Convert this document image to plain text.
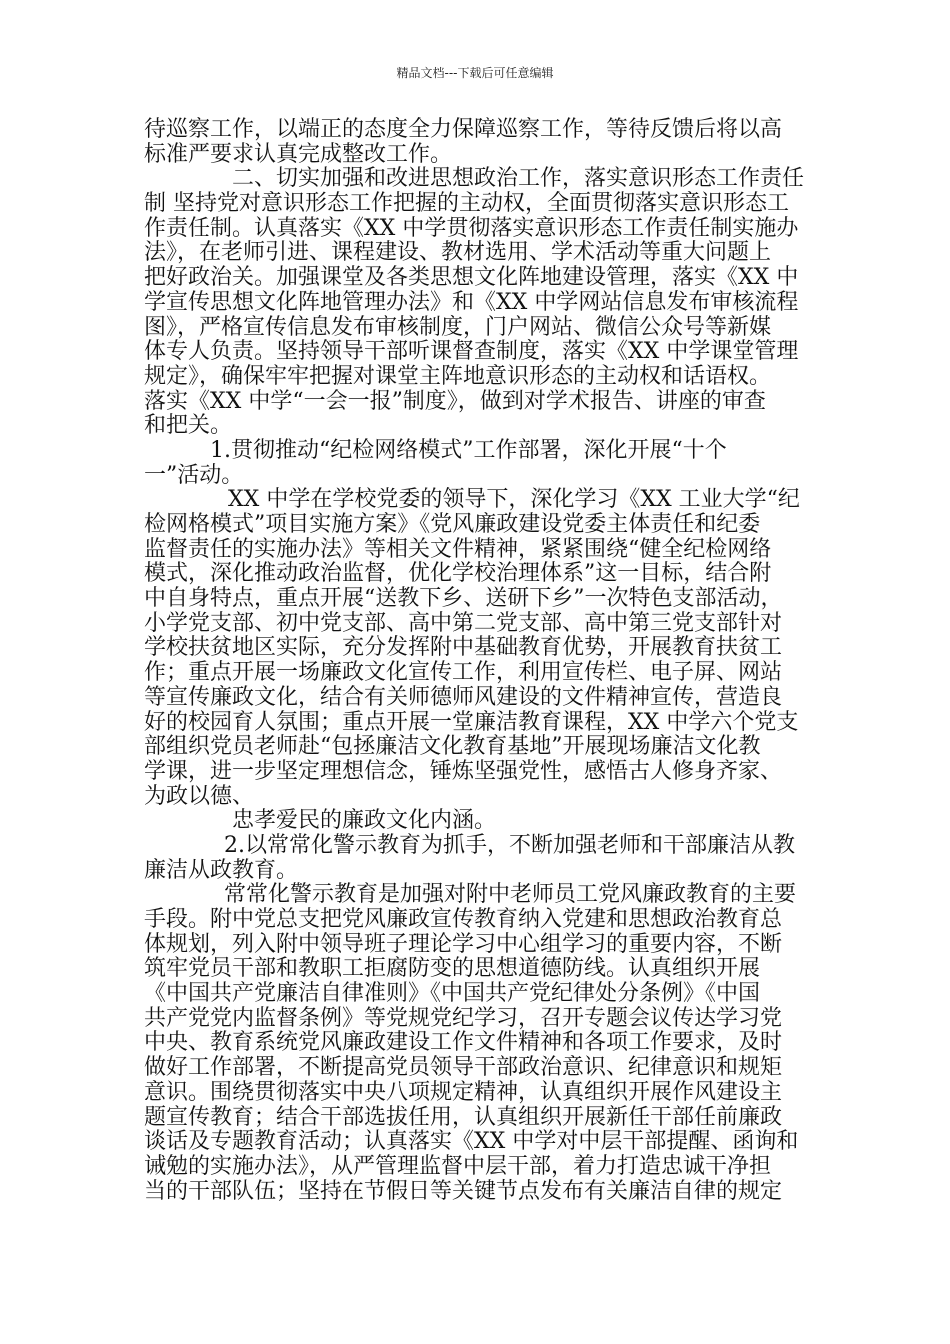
精品文档---下载后可任意编辑
待巡察工作，以端正的态度全力保障巡察工作，等待反馈后将以高
标准严要求认真完成整改工作。
二、切实加强和改进思想政治工作，落实意识形态工作责任
制 坚持党对意识形态工作把握的主动权，全面贯彻落实意识形态工
作责任制。认真落实《XX 中学贯彻落实意识形态工作责任制实施办
法》，在老师引进、课程建设、教材选用、学术活动等重大问题上
把好政治关。加强课堂及各类思想文化阵地建设管理，落实《XX 中
学宣传思想文化阵地管理办法》和《XX 中学网站信息发布审核流程
图》，严格宣传信息发布审核制度，门户网站、微信公众号等新媒
体专人负责。坚持领导干部听课督查制度，落实《XX 中学课堂管理
规定》，确保牢牢把握对课堂主阵地意识形态的主动权和话语权。
落实《XX 中学“一会一报”制度》，做到对学术报告、讲座的审查
和把关。
1.贯彻推动“纪检网络模式”工作部署，深化开展“十个
一”活动。
XX 中学在学校党委的领导下，深化学习《XX 工业大学“纪
检网格模式”项目实施方案》《党风廉政建设党委主体责任和纪委
监督责任的实施办法》等相关文件精神，紧紧围绕“健全纪检网络
模式，深化推动政治监督，优化学校治理体系”这一目标，结合附
中自身特点，重点开展“送教下乡、送研下乡”一次特色支部活动，
小学党支部、初中党支部、高中第二党支部、高中第三党支部针对
学校扶贫地区实际，充分发挥附中基础教育优势，开展教育扶贫工
作；重点开展一场廉政文化宣传工作，利用宣传栏、电子屏、网站
等宣传廉政文化，结合有关师德师风建设的文件精神宣传，营造良
好的校园育人氛围；重点开展一堂廉洁教育课程，XX 中学六个党支
部组织党员老师赴“包拯廉洁文化教育基地”开展现场廉洁文化教
学课，进一步坚定理想信念，锤炼坚强党性，感悟古人修身齐家、
为政以德、
忠孝爱民的廉政文化内涵。
2.以常常化警示教育为抓手，不断加强老师和干部廉洁从教
廉洁从政教育。
常常化警示教育是加强对附中老师员工党风廉政教育的主要
手段。附中党总支把党风廉政宣传教育纳入党建和思想政治教育总
体规划，列入附中领导班子理论学习中心组学习的重要内容，不断
筑牢党员干部和教职工拒腐防变的思想道德防线。认真组织开展
《中国共产党廉洁自律准则》《中国共产党纪律处分条例》《中国
共产党党内监督条例》等党规党纪学习，召开专题会议传达学习党
中央、教育系统党风廉政建设工作文件精神和各项工作要求，及时
做好工作部署，不断提高党员领导干部政治意识、纪律意识和规矩
意识。围绕贯彻落实中央八项规定精神，认真组织开展作风建设主
题宣传教育；结合干部选拔任用，认真组织开展新任干部任前廉政
谈话及专题教育活动；认真落实《XX 中学对中层干部提醒、函询和
诫勉的实施办法》，从严管理监督中层干部，着力打造忠诚干净担
当的干部队伍；坚持在节假日等关键节点发布有关廉洁自律的规定
